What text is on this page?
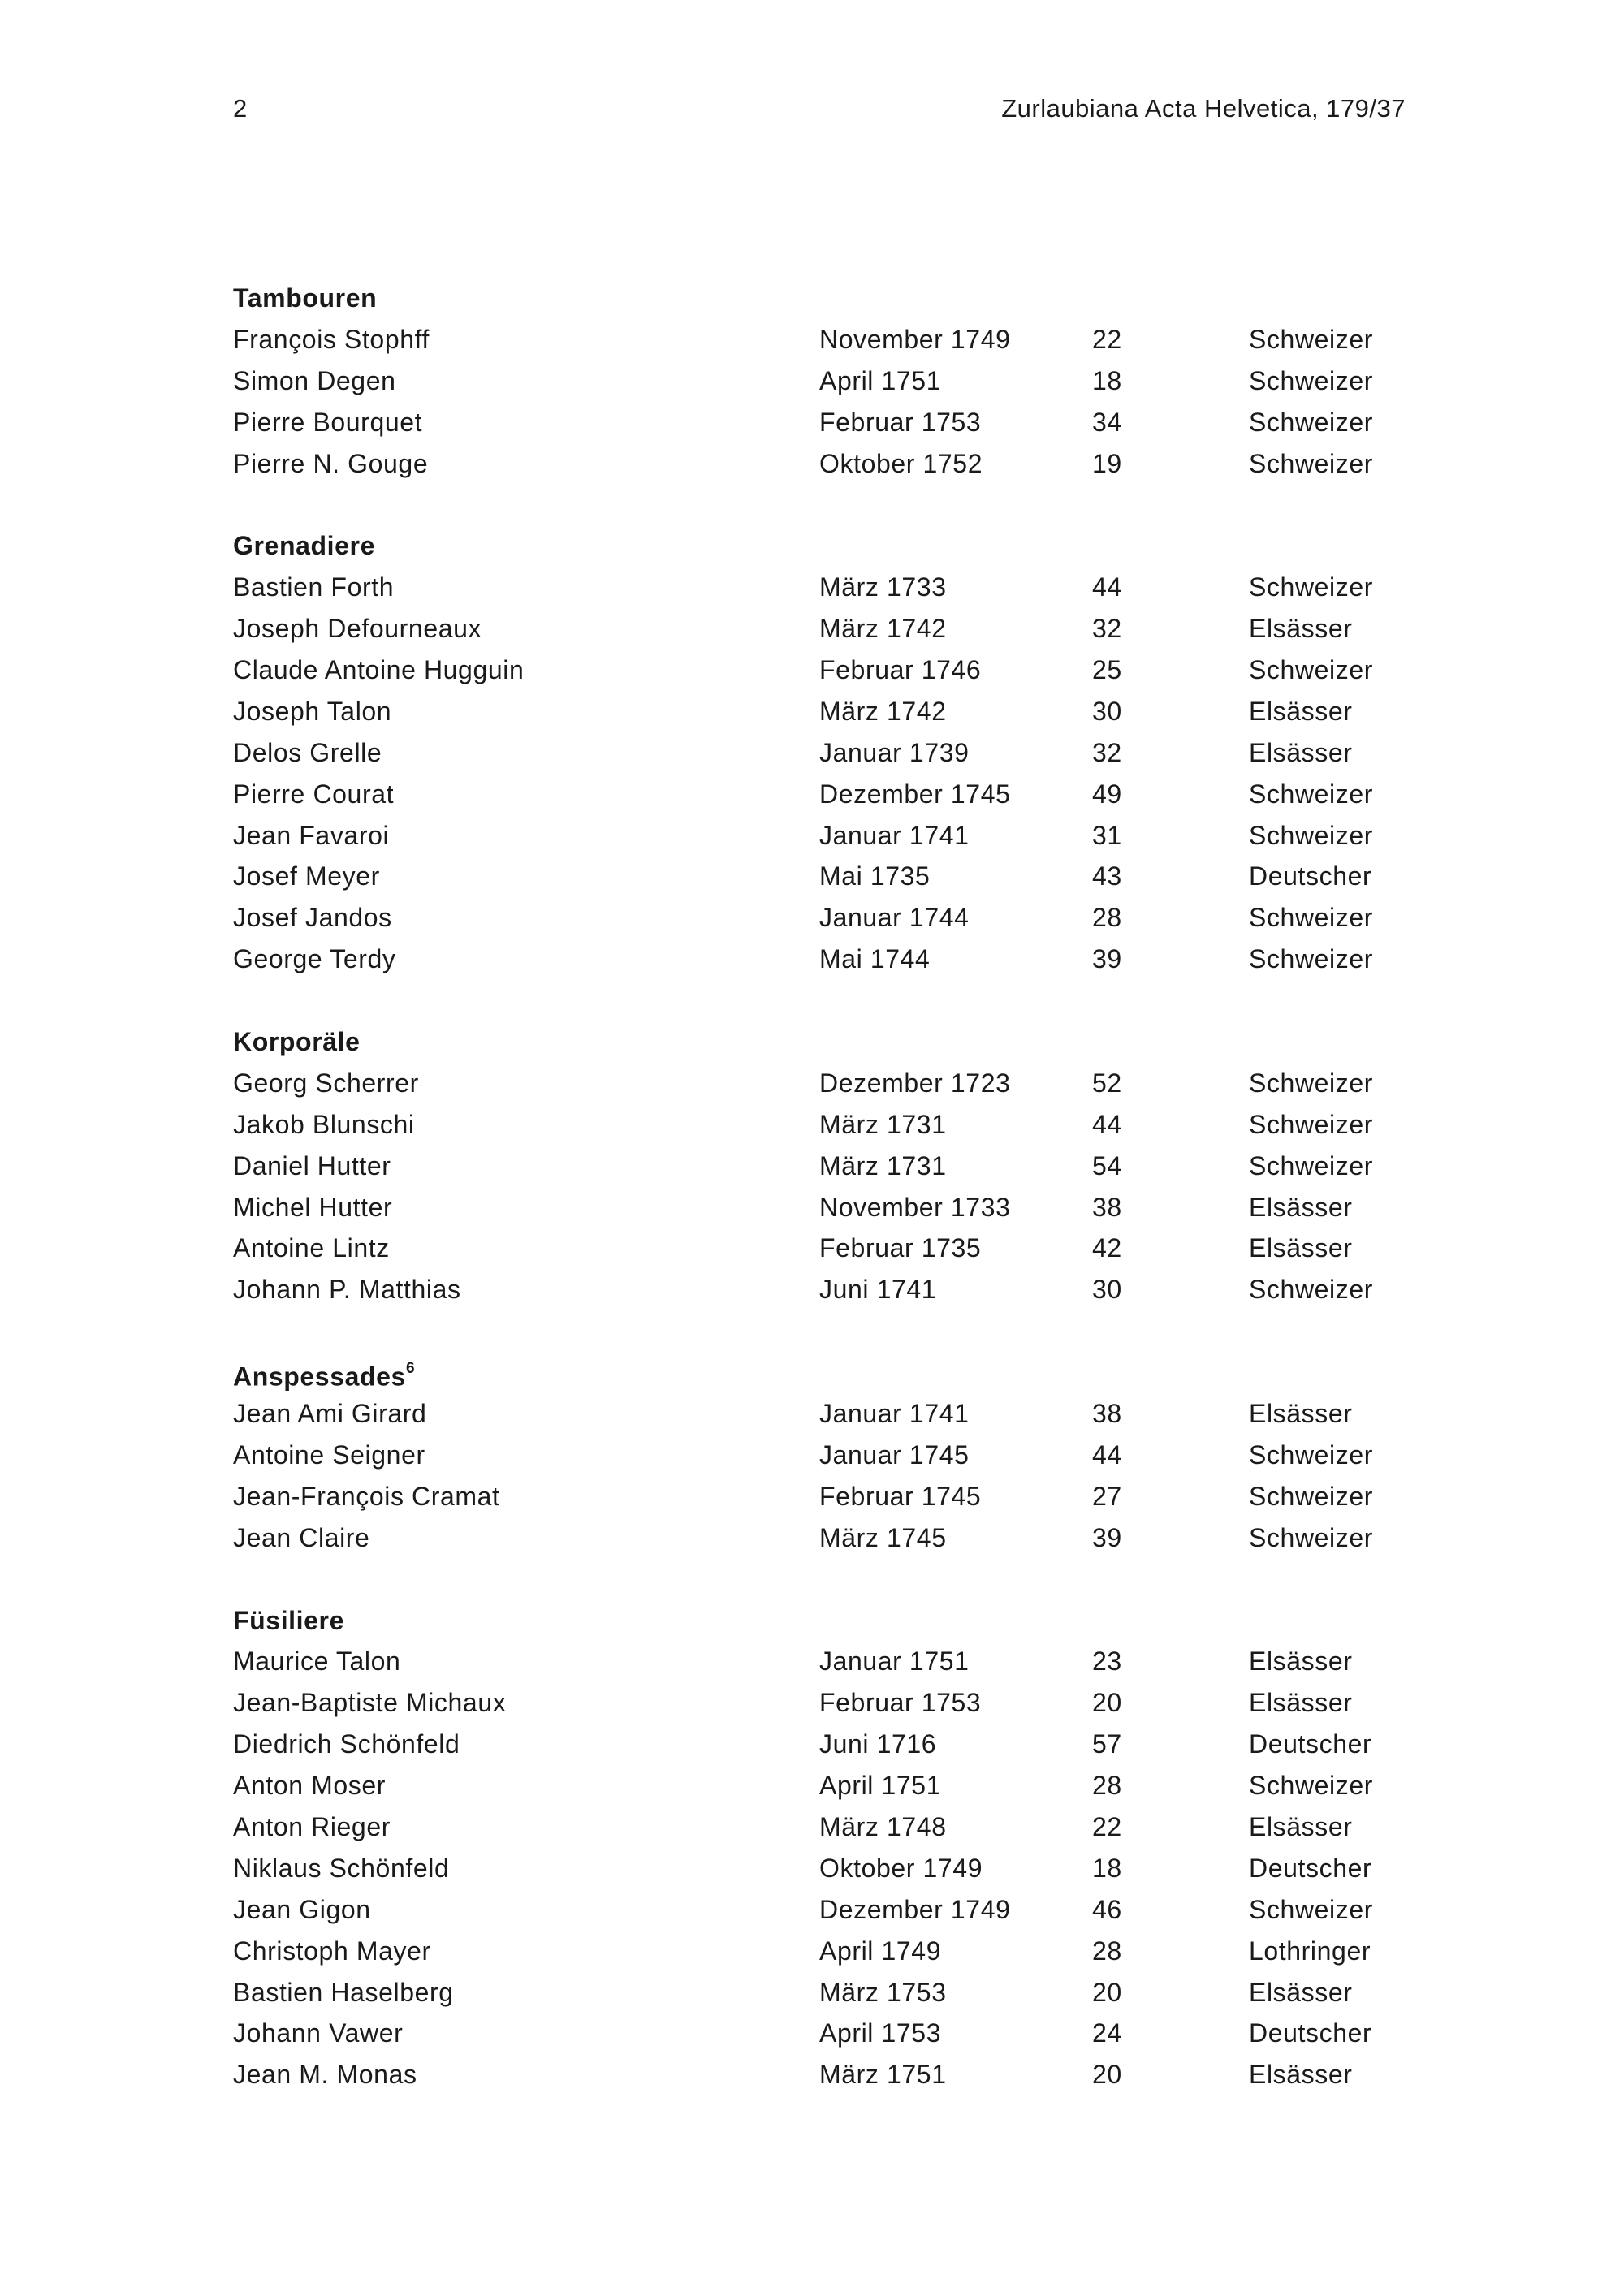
2	Zurlaubiana Acta Helvetica, 179/37
Tambouren
François Stophff	November 1749	22	Schweizer
Simon Degen	April 1751	18	Schweizer
Pierre Bourquet	Februar 1753	34	Schweizer
Pierre N. Gouge	Oktober 1752	19	Schweizer
Grenadiere
Bastien Forth	März 1733	44	Schweizer
Joseph Defourneaux	März 1742	32	Elsässer
Claude Antoine Hugguin	Februar 1746	25	Schweizer
Joseph Talon	März 1742	30	Elsässer
Delos Grelle	Januar 1739	32	Elsässer
Pierre Courat	Dezember 1745	49	Schweizer
Jean Favaroi	Januar 1741	31	Schweizer
Josef Meyer	Mai 1735	43	Deutscher
Josef Jandos	Januar 1744	28	Schweizer
George Terdy	Mai 1744	39	Schweizer
Korporäle
Georg Scherrer	Dezember 1723	52	Schweizer
Jakob Blunschi	März 1731	44	Schweizer
Daniel Hutter	März 1731	54	Schweizer
Michel Hutter	November 1733	38	Elsässer
Antoine Lintz	Februar 1735	42	Elsässer
Johann P. Matthias	Juni 1741	30	Schweizer
Anspessades$^6$
Jean Ami Girard	Januar 1741	38	Elsässer
Antoine Seigner	Januar 1745	44	Schweizer
Jean-François Cramat	Februar 1745	27	Schweizer
Jean Claire	März 1745	39	Schweizer
Füsiliere
Maurice Talon	Januar 1751	23	Elsässer
Jean-Baptiste Michaux	Februar 1753	20	Elsässer
Diedrich Schönfeld	Juni 1716	57	Deutscher
Anton Moser	April 1751	28	Schweizer
Anton Rieger	März 1748	22	Elsässer
Niklaus Schönfeld	Oktober 1749	18	Deutscher
Jean Gigon	Dezember 1749	46	Schweizer
Christoph Mayer	April 1749	28	Lothringer
Bastien Haselberg	März 1753	20	Elsässer
Johann Vawer	April 1753	24	Deutscher
Jean M. Monas	März 1751	20	Elsässer
